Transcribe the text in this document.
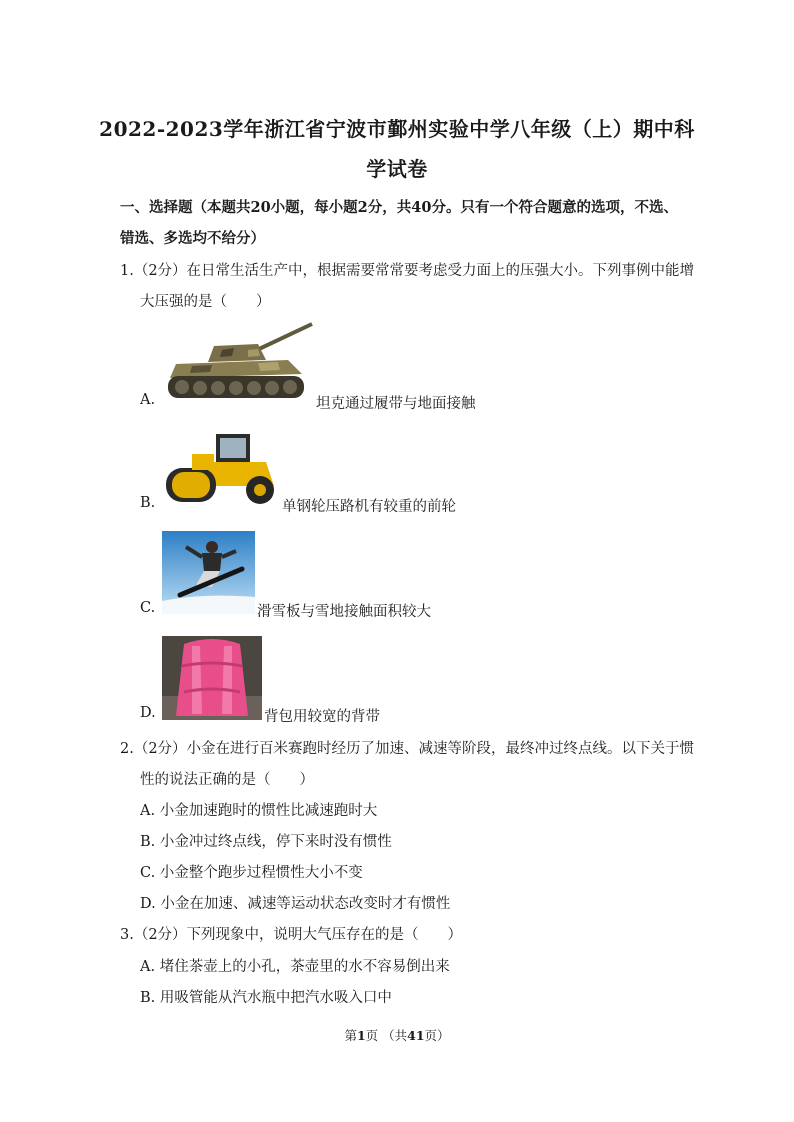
2022-2023学年浙江省宁波市鄞州实验中学八年级（上）期中科
学试卷
一、选择题（本题共20小题，每小题2分，共40分。只有一个符合题意的选项，不选、
错选、多选均不给分）
1.（2分）在日常生活生产中，根据需要常常要考虑受力面上的压强大小。下列事例中能增
大压强的是（　　）
A.	坦克通过履带与地面接触
B.	单钢轮压路机有较重的前轮
C.	滑雪板与雪地接触面积较大
D.	背包用较宽的背带
2.（2分）小金在进行百米赛跑时经历了加速、减速等阶段，最终冲过终点线。以下关于惯
性的说法正确的是（　　）
A. 小金加速跑时的惯性比减速跑时大
B. 小金冲过终点线，停下来时没有惯性
C. 小金整个跑步过程惯性大小不变
D. 小金在加速、减速等运动状态改变时才有惯性
3.（2分）下列现象中，说明大气压存在的是（　　）
A. 堵住茶壶上的小孔，茶壶里的水不容易倒出来
B. 用吸管能从汽水瓶中把汽水吸入口中
第1页 （共41页）
